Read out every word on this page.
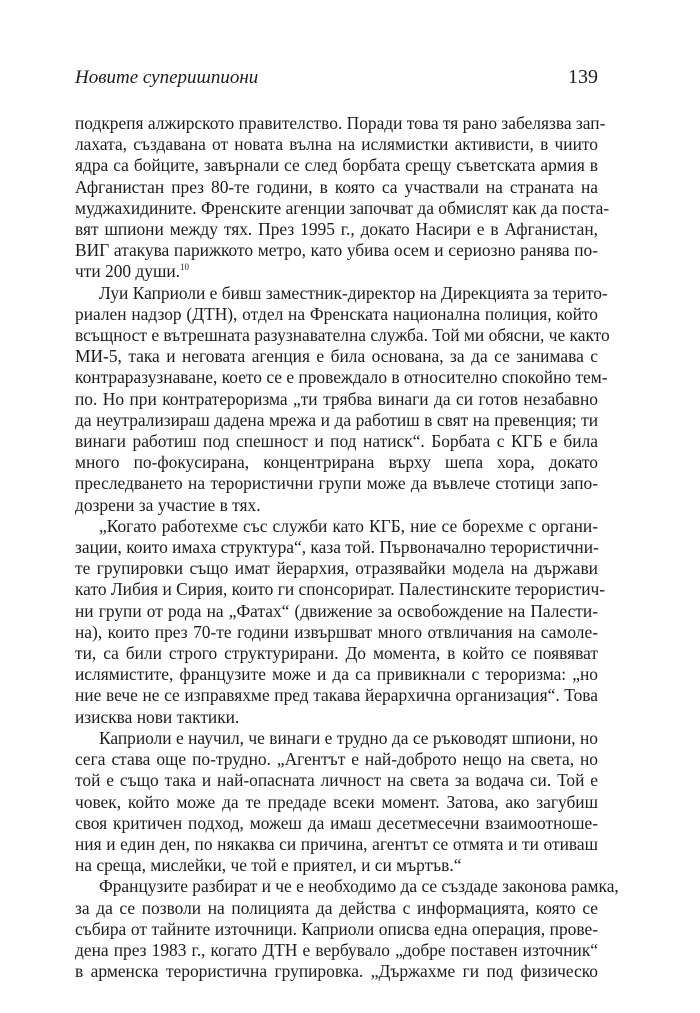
Новите суперишпиони	139
подкрепя алжирското правителство. Поради това тя рано забелязва зап-
лахата, създавана от новата вълна на ислямистки активисти, в чиито
ядра са бойците, завърнали се след борбата срещу съветската армия в
Афганистан през 80-те години, в която са участвали на страната на
муджахидините. Френските агенции започват да обмислят как да постa-
вят шпиони между тях. През 1995 г., докато Насири е в Афганистан,
ВИГ атакува парижкото метро, като убива осем и сериозно ранява по-
чти 200 души.$^{10}$
Луи Каприоли е бивш заместник-директор на Дирекцията за терито-
риален надзор (ДТН), отдел на Френската национална полиция, който
всъщност е вътрешната разузнавателна служба. Той ми обясни, че както
МИ-5, така и неговата агенция е била основана, за да се занимава с
контраразузнаване, което се е провеждало в относително спокойно тем-
по. Но при контратероризма „ти трябва винаги да си готов незабавно
да неутрализираш дадена мрежа и да работиш в свят на превенция; ти
винаги работиш под спешност и под натиск“. Борбата с КГБ е била
много по-фокусирана, концентрирана върху шепа хора, докато
преследването на терористични групи може да въвлече стотици запо-
дозрени за участие в тях.
„Когато работехме със служби като КГБ, ние се борехме с органи-
зации, които имаха структура“, каза той. Първоначално терористични-
те групировки също имат йерархия, отразявайки модела на държави
като Либия и Сирия, които ги спонсорират. Палестинските терористич-
ни групи от рода на „Фатах“ (движение за освобождение на Палести-
на), които през 70-те години извършват много отвличания на самоле-
ти, са били строго структурирани. До момента, в който се появяват
ислямистите, французите може и да са привикнали с тероризма: „но
ние вече не се изправяхме пред такава йерархична организация“. Това
изисква нови тактики.
Каприоли е научил, че винаги е трудно да се ръководят шпиони, но
сега става още по-трудно. „Агентът е най-доброто нещо на света, но
той е също така и най-опасната личност на света за водача си. Той е
човек, който може да те предаде всеки момент. Затова, ако загубиш
своя критичен подход, можеш да имаш десетмесечни взаимоотноше-
ния и един ден, по някаква си причина, агентът се отмята и ти отиваш
на среща, мислейки, че той е приятел, и си мъртъв.“
Французите разбират и че е необходимо да се създаде законова рамка,
за да се позволи на полицията да действа с информацията, която се
събира от тайните източници. Каприоли описва една операция, прове-
дена през 1983 г., когато ДТН е вербувало „добре поставен източник“
в арменска терористична групировка. „Държахме ги под физическо
